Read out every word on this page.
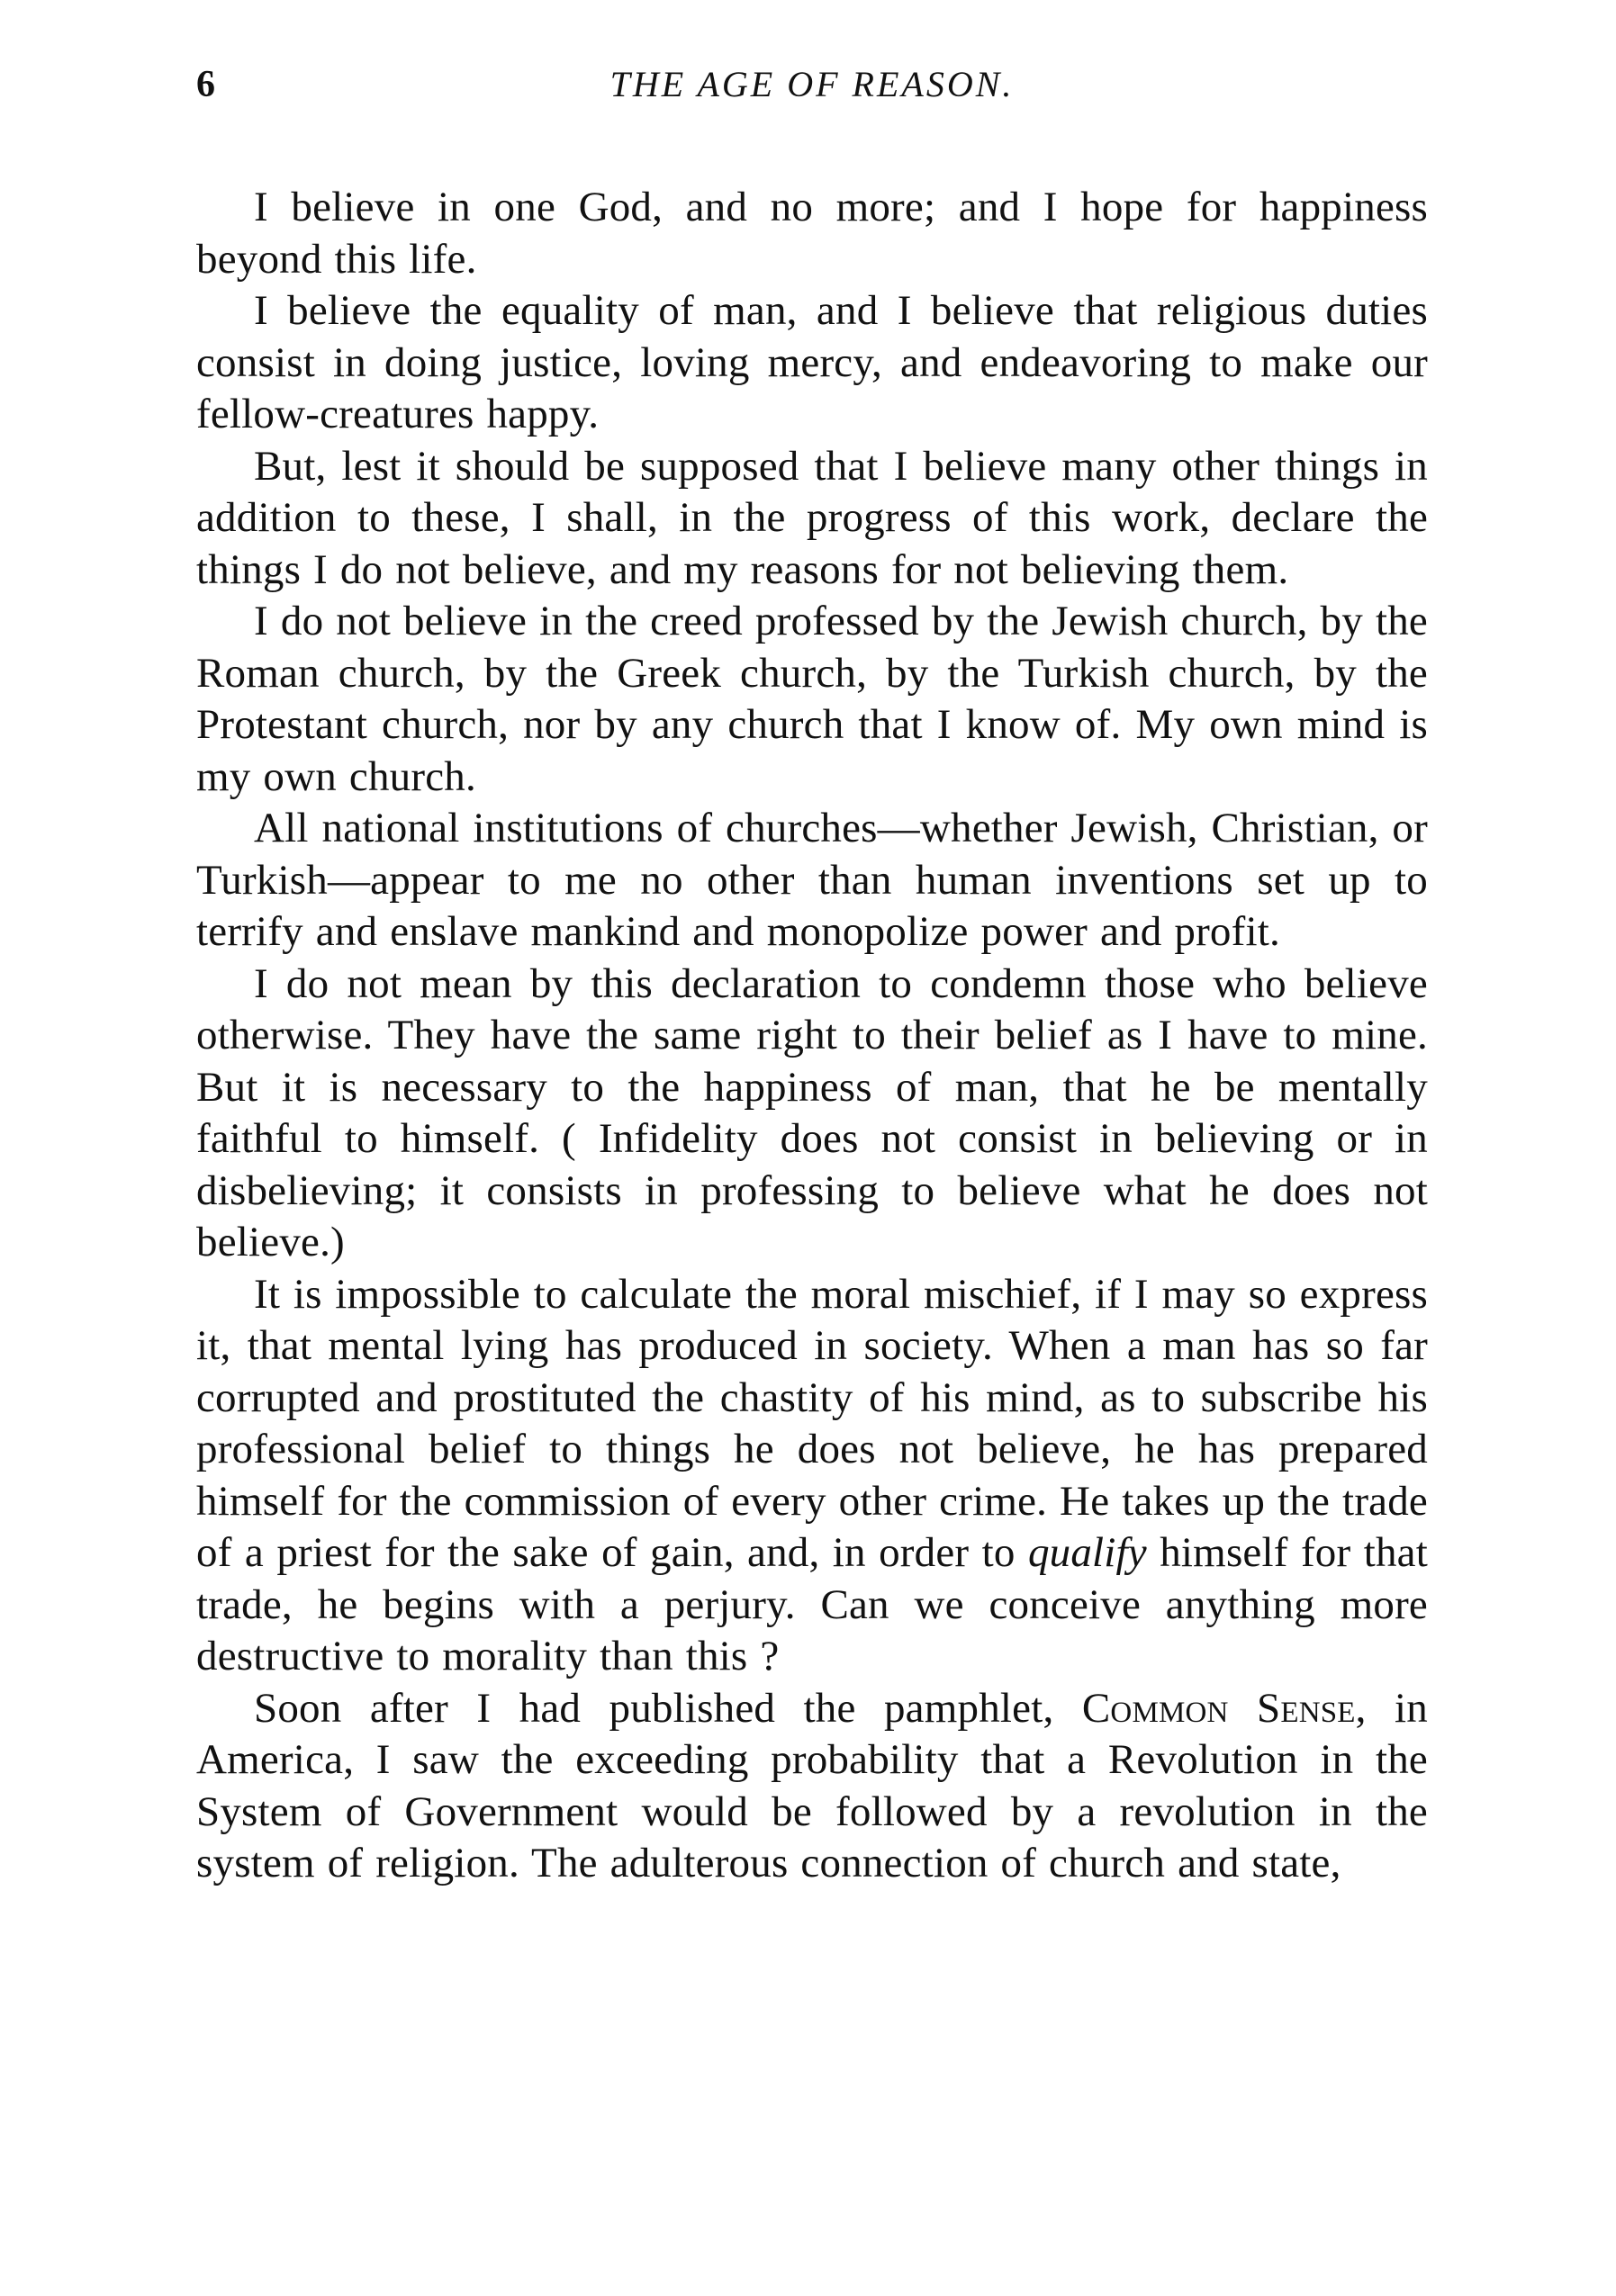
6	THE AGE OF REASON.

I believe in one God, and no more; and I hope for happiness beyond this life.

I believe the equality of man, and I believe that religious duties consist in doing justice, loving mercy, and endeavoring to make our fellow-creatures happy.

But, lest it should be supposed that I believe many other things in addition to these, I shall, in the progress of this work, declare the things I do not believe, and my reasons for not believing them.

I do not believe in the creed professed by the Jewish church, by the Roman church, by the Greek church, by the Turkish church, by the Protestant church, nor by any church that I know of. My own mind is my own church.

All national institutions of churches—whether Jewish, Christian, or Turkish—appear to me no other than human inventions set up to terrify and enslave mankind and monopolize power and profit.

I do not mean by this declaration to condemn those who believe otherwise. They have the same right to their belief as I have to mine. But it is necessary to the happiness of man, that he be mentally faithful to himself. ( Infidelity does not consist in believing or in disbelieving; it consists in professing to believe what he does not believe.)

It is impossible to calculate the moral mischief, if I may so express it, that mental lying has produced in society. When a man has so far corrupted and prostituted the chastity of his mind, as to subscribe his professional belief to things he does not believe, he has prepared himself for the commission of every other crime. He takes up the trade of a priest for the sake of gain, and, in order to qualify himself for that trade, he begins with a perjury. Can we conceive anything more destructive to morality than this ?

Soon after I had published the pamphlet, Common Sense, in America, I saw the exceeding probability that a Revolution in the System of Government would be followed by a revolution in the system of religion. The adulterous connection of church and state,
